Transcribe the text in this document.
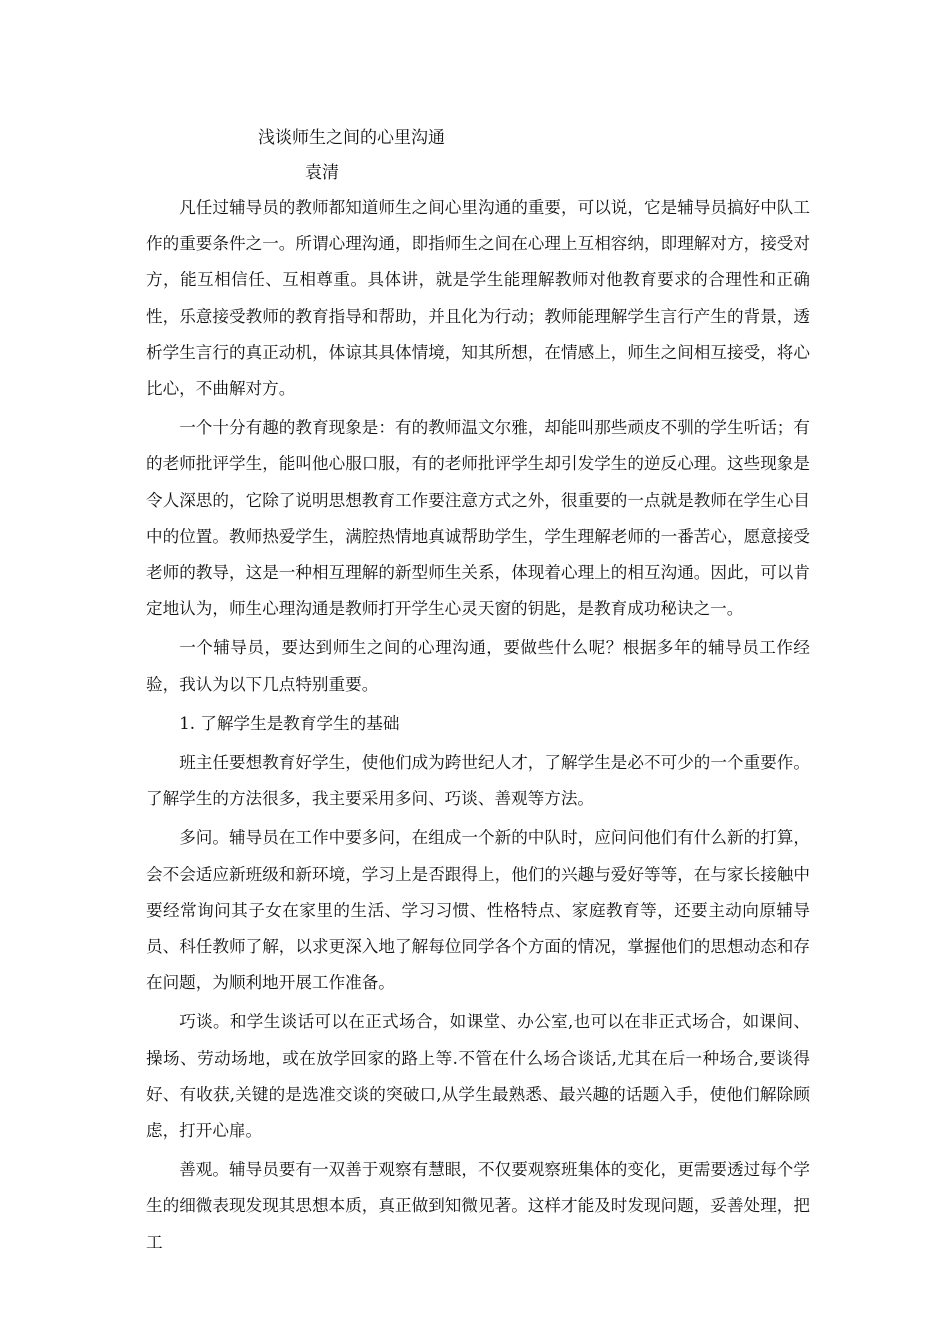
浅谈师生之间的心里沟通
袁清

凡任过辅导员的教师都知道师生之间心里沟通的重要，可以说，它是辅导员搞好中队工作的重要条件之一。所谓心理沟通，即指师生之间在心理上互相容纳，即理解对方，接受对方，能互相信任、互相尊重。具体讲，就是学生能理解教师对他教育要求的合理性和正确性，乐意接受教师的教育指导和帮助，并且化为行动；教师能理解学生言行产生的背景，透析学生言行的真正动机，体谅其具体情境，知其所想，在情感上，师生之间相互接受，将心比心，不曲解对方。

一个十分有趣的教育现象是：有的教师温文尔雅，却能叫那些顽皮不驯的学生听话；有的老师批评学生，能叫他心服口服，有的老师批评学生却引发学生的逆反心理。这些现象是令人深思的，它除了说明思想教育工作要注意方式之外，很重要的一点就是教师在学生心目中的位置。教师热爱学生，满腔热情地真诚帮助学生，学生理解老师的一番苦心，愿意接受老师的教导，这是一种相互理解的新型师生关系，体现着心理上的相互沟通。因此，可以肯定地认为，师生心理沟通是教师打开学生心灵天窗的钥匙，是教育成功秘诀之一。

一个辅导员，要达到师生之间的心理沟通，要做些什么呢？根据多年的辅导员工作经验，我认为以下几点特别重要。

1. 了解学生是教育学生的基础

班主任要想教育好学生，使他们成为跨世纪人才，了解学生是必不可少的一个重要作。了解学生的方法很多，我主要采用多问、巧谈、善观等方法。

多问。辅导员在工作中要多问，在组成一个新的中队时，应问问他们有什么新的打算，会不会适应新班级和新环境，学习上是否跟得上，他们的兴趣与爱好等等，在与家长接触中要经常询问其子女在家里的生活、学习习惯、性格特点、家庭教育等，还要主动向原辅导员、科任教师了解，以求更深入地了解每位同学各个方面的情况，掌握他们的思想动态和存在问题，为顺利地开展工作准备。

巧谈。和学生谈话可以在正式场合，如课堂、办公室,也可以在非正式场合，如课间、操场、劳动场地，或在放学回家的路上等.不管在什么场合谈话,尤其在后一种场合,要谈得好、有收获,关键的是选准交谈的突破口,从学生最熟悉、最兴趣的话题入手，使他们解除顾虑，打开心扉。

善观。辅导员要有一双善于观察有慧眼，不仅要观察班集体的变化，更需要透过每个学生的细微表现发现其思想本质，真正做到知微见著。这样才能及时发现问题，妥善处理，把工
